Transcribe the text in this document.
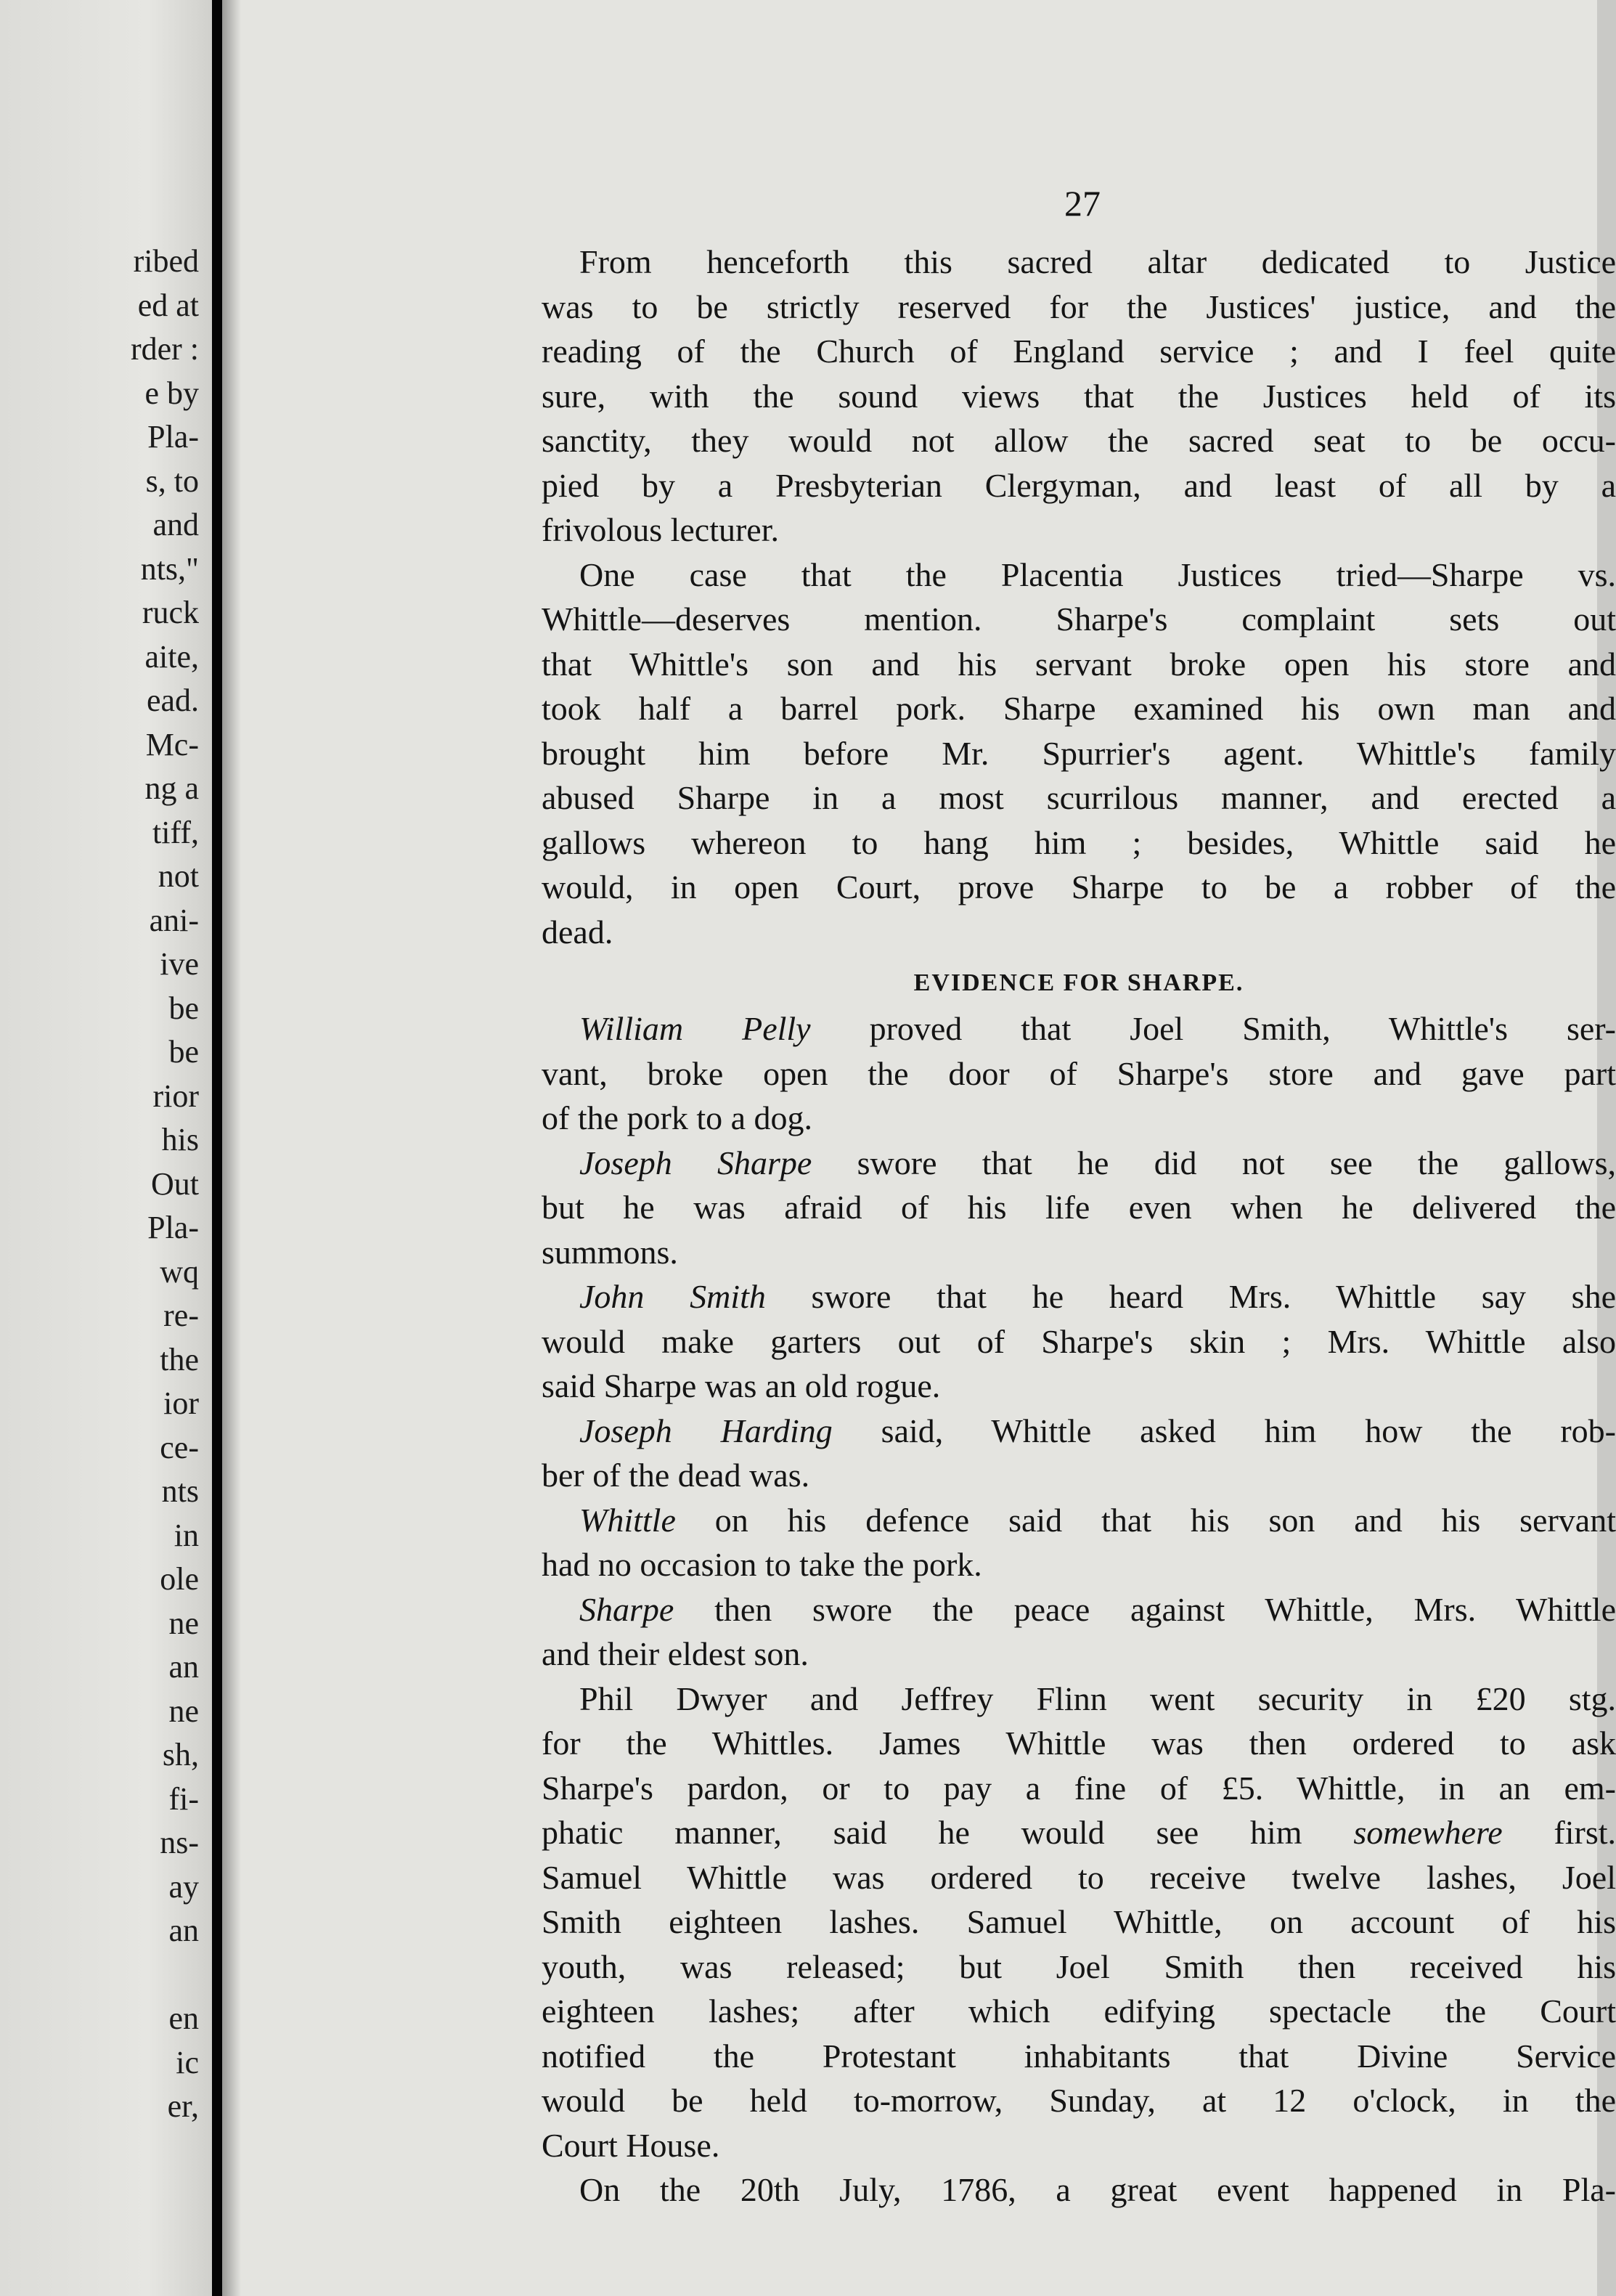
ribed
ed at
rder :
e by
Pla-
s, to
and
nts,"
ruck
aite,
ead.
Mc-
ng a
tiff,
not
ani-
ive
be
be
rior
his
Out
Pla-
wq
re-
the
ior
ce-
nts
in
ole
ne
an
ne
sh,
fi-
ns-
ay
an
en
ic
er,
27
From henceforth this sacred altar dedicated to Justice
was to be strictly reserved for the Justices' justice, and the
reading of the Church of England service ; and I feel quite
sure, with the sound views that the Justices held of its
sanctity, they would not allow the sacred seat to be occu-
pied by a Presbyterian Clergyman, and least of all by a
frivolous lecturer.
One case that the Placentia Justices tried—Sharpe vs.
Whittle—deserves mention. Sharpe's complaint sets out
that Whittle's son and his servant broke open his store and
took half a barrel pork. Sharpe examined his own man and
brought him before Mr. Spurrier's agent. Whittle's family
abused Sharpe in a most scurrilous manner, and erected a
gallows whereon to hang him ; besides, Whittle said he
would, in open Court, prove Sharpe to be a robber of the
dead.
EVIDENCE FOR SHARPE.
William Pelly proved that Joel Smith, Whittle's ser-
vant, broke open the door of Sharpe's store and gave part
of the pork to a dog.
Joseph Sharpe swore that he did not see the gallows,
but he was afraid of his life even when he delivered the
summons.
John Smith swore that he heard Mrs. Whittle say she
would make garters out of Sharpe's skin ; Mrs. Whittle also
said Sharpe was an old rogue.
Joseph Harding said, Whittle asked him how the rob-
ber of the dead was.
Whittle on his defence said that his son and his servant
had no occasion to take the pork.
Sharpe then swore the peace against Whittle, Mrs. Whittle
and their eldest son.
Phil Dwyer and Jeffrey Flinn went security in £20 stg.
for the Whittles. James Whittle was then ordered to ask
Sharpe's pardon, or to pay a fine of £5. Whittle, in an em-
phatic manner, said he would see him somewhere first.
Samuel Whittle was ordered to receive twelve lashes, Joel
Smith eighteen lashes. Samuel Whittle, on account of his
youth, was released; but Joel Smith then received his
eighteen lashes; after which edifying spectacle the Court
notified the Protestant inhabitants that Divine Service
would be held to-morrow, Sunday, at 12 o'clock, in the
Court House.
On the 20th July, 1786, a great event happened in Pla-
